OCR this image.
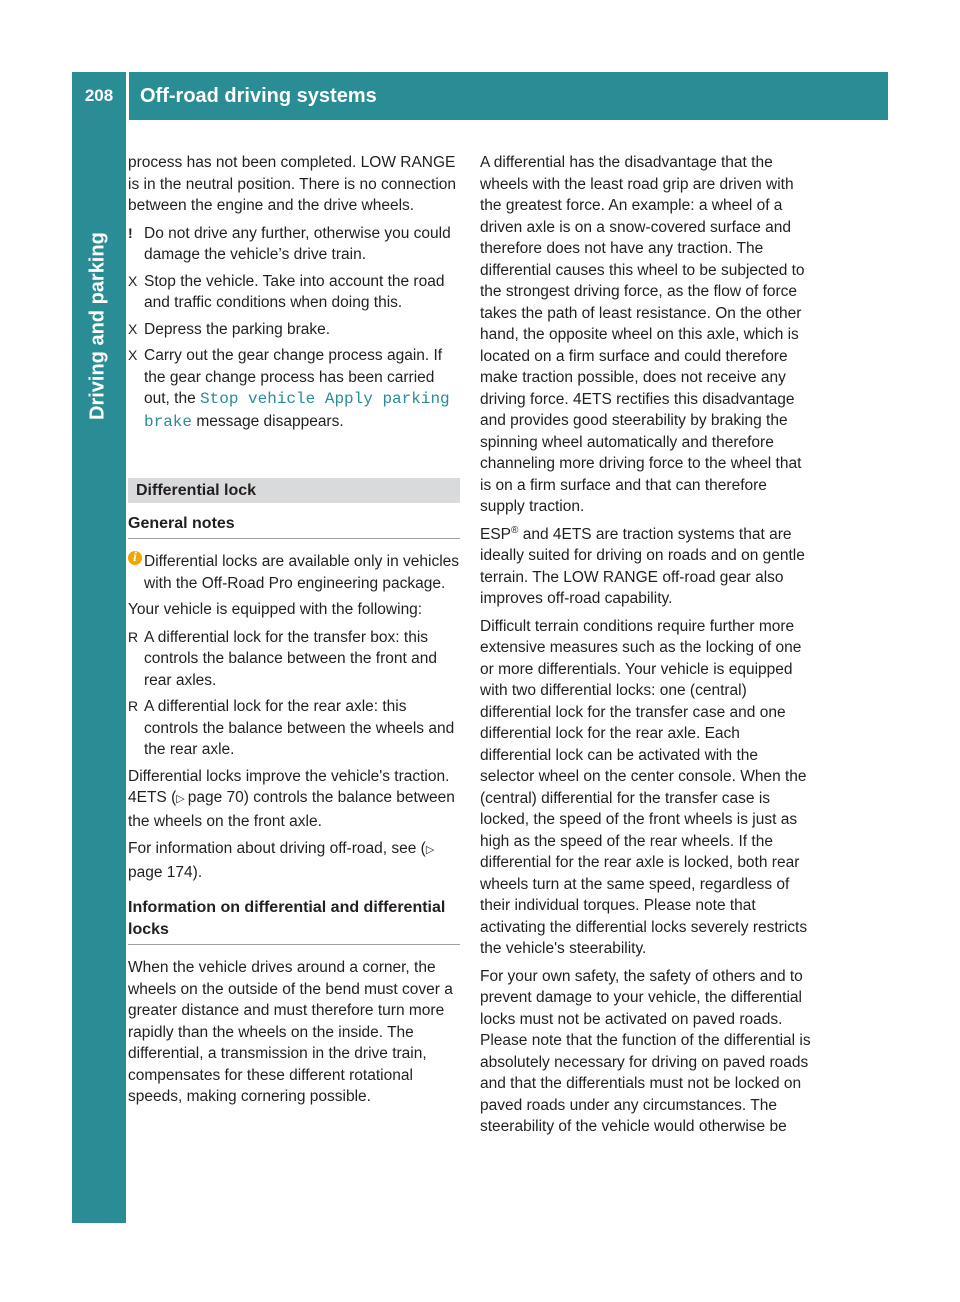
208	Off-road driving systems
Driving and parking

process has not been completed. LOW RANGE is in the neutral position. There is no connection between the engine and the drive wheels.

! Do not drive any further, otherwise you could damage the vehicle’s drive train.
X Stop the vehicle. Take into account the road and traffic conditions when doing this.
X Depress the parking brake.
X Carry out the gear change process again. If the gear change process has been carried out, the Stop vehicle Apply parking brake message disappears.
Differential lock
General notes
i Differential locks are available only in vehicles with the Off-Road Pro engineering package.

Your vehicle is equipped with the following:

R A differential lock for the transfer box: this controls the balance between the front and rear axles.
R A differential lock for the rear axle: this controls the balance between the wheels and the rear axle.

Differential locks improve the vehicle's traction. 4ETS (▷ page 70) controls the balance between the wheels on the front axle.

For information about driving off-road, see (▷ page 174).

Information on differential and differential locks

When the vehicle drives around a corner, the wheels on the outside of the bend must cover a greater distance and must therefore turn more rapidly than the wheels on the inside. The differential, a transmission in the drive train, compensates for these different rotational speeds, making cornering possible.

A differential has the disadvantage that the wheels with the least road grip are driven with the greatest force. An example: a wheel of a driven axle is on a snow-covered surface and therefore does not have any traction. The differential causes this wheel to be subjected to the strongest driving force, as the flow of force takes the path of least resistance. On the other hand, the opposite wheel on this axle, which is located on a firm surface and could therefore make traction possible, does not receive any driving force. 4ETS rectifies this disadvantage and provides good steerability by braking the spinning wheel automatically and therefore channeling more driving force to the wheel that is on a firm surface and that can therefore supply traction.

ESP® and 4ETS are traction systems that are ideally suited for driving on roads and on gentle terrain. The LOW RANGE off-road gear also improves off-road capability.

Difficult terrain conditions require further more extensive measures such as the locking of one or more differentials. Your vehicle is equipped with two differential locks: one (central) differential lock for the transfer case and one differential lock for the rear axle. Each differential lock can be activated with the selector wheel on the center console. When the (central) differential for the transfer case is locked, the speed of the front wheels is just as high as the speed of the rear wheels. If the differential for the rear axle is locked, both rear wheels turn at the same speed, regardless of their individual torques. Please note that activating the differential locks severely restricts the vehicle's steerability.

For your own safety, the safety of others and to prevent damage to your vehicle, the differential locks must not be activated on paved roads. Please note that the function of the differential is absolutely necessary for driving on paved roads and that the differentials must not be locked on paved roads under any circumstances. The steerability of the vehicle would otherwise be
